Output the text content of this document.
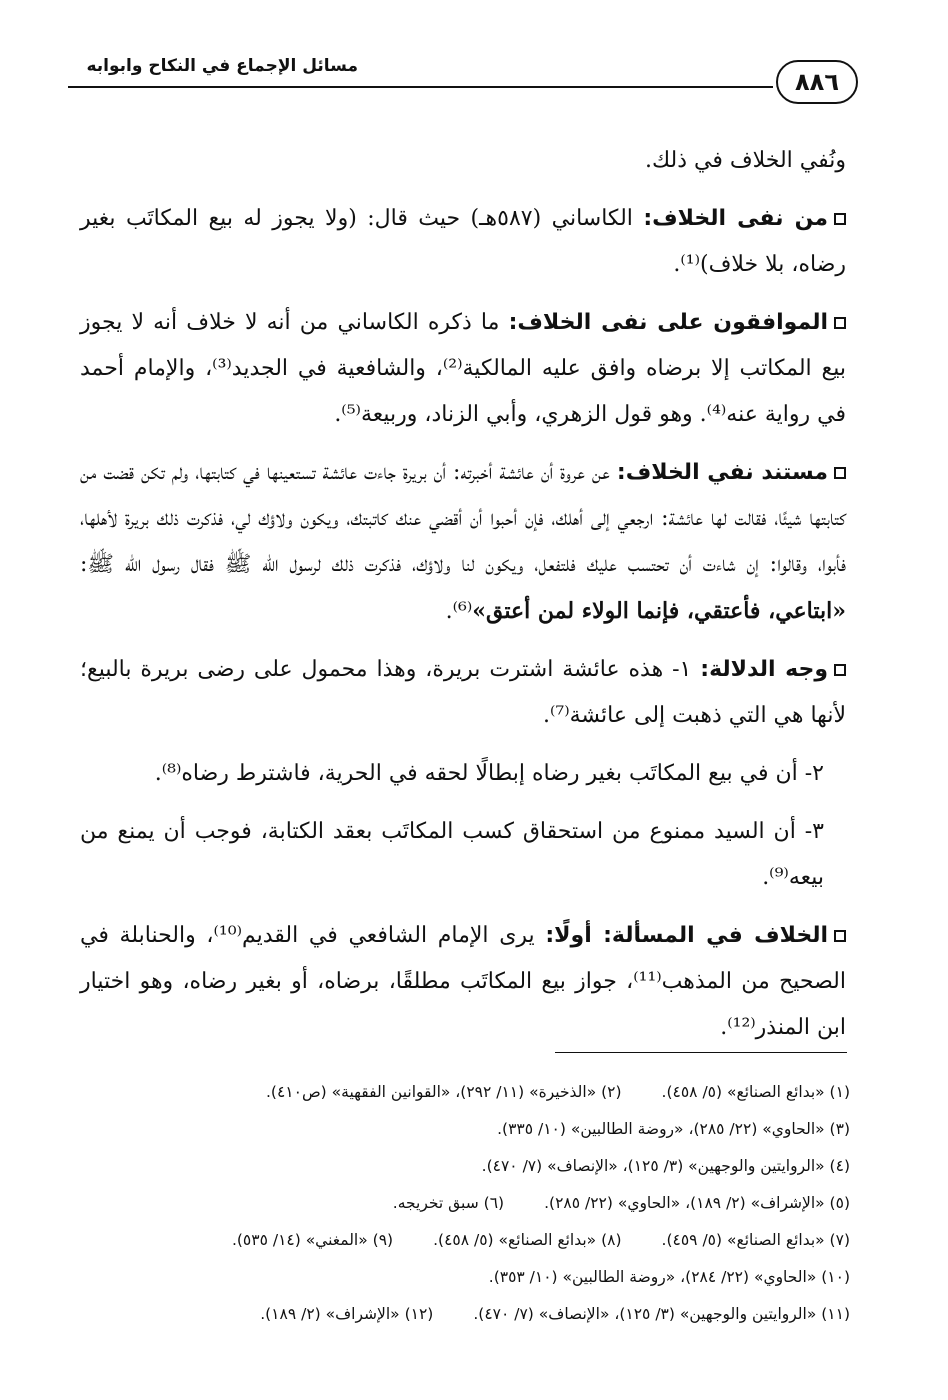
مسائل الإجماع في النكاح وابوابه
٨٨٦

ونُفي الخلاف في ذلك.

من نفى الخلاف: الكاساني (٥٨٧هـ) حيث قال: (ولا يجوز له بيع المكاتَب بغير رضاه، بلا خلاف)⁽¹⁾.

الموافقون على نفى الخلاف: ما ذكره الكاساني من أنه لا خلاف أنه لا يجوز بيع المكاتب إلا برضاه وافق عليه المالكية⁽²⁾، والشافعية في الجديد⁽³⁾، والإمام أحمد في رواية عنه⁽⁴⁾. وهو قول الزهري، وأبي الزناد، وربيعة⁽⁵⁾.

مستند نفي الخلاف: عن عروة أن عائشة أخبرته: أن بريرة جاءت عائشة تستعينها في كتابتها، ولم تكن قضت من كتابتها شيئًا، فقالت لها عائشة: ارجعي إلى أهلك، فإن أحبوا أن أقضي عنك كاتبتك، ويكون ولاؤك لي، فذكرت ذلك بريرة لأهلها، فأبوا، وقالوا: إن شاءت أن تحتسب عليك فلتفعل، ويكون لنا ولاؤك، فذكرت ذلك لرسول الله ﷺ فقال رسول الله ﷺ: «ابتاعي، فأعتقي، فإنما الولاء لمن أعتق»⁽⁶⁾.

وجه الدلالة: ١- هذه عائشة اشترت بريرة، وهذا محمول على رضى بريرة بالبيع؛ لأنها هي التي ذهبت إلى عائشة⁽⁷⁾.

٢- أن في بيع المكاتَب بغير رضاه إبطالًا لحقه في الحرية، فاشترط رضاه⁽⁸⁾.

٣- أن السيد ممنوع من استحقاق كسب المكاتَب بعقد الكتابة، فوجب أن يمنع من بيعه⁽⁹⁾.

الخلاف في المسألة: أولًا: يرى الإمام الشافعي في القديم⁽¹⁰⁾، والحنابلة في الصحيح من المذهب⁽¹¹⁾، جواز بيع المكاتَب مطلقًا، برضاه، أو بغير رضاه، وهو اختيار ابن المنذر⁽¹²⁾.

(١) «بدائع الصنائع» (٥/ ٤٥٨).(٢) «الذخيرة» (١١/ ٢٩٢)، «القوانين الفقهية» (ص٤١٠).
(٣) «الحاوي» (٢٢/ ٢٨٥)، «روضة الطالبين» (١٠/ ٣٣٥).
(٤) «الروايتين والوجهين» (٣/ ١٢٥)، «الإنصاف» (٧/ ٤٧٠).
(٥) «الإشراف» (٢/ ١٨٩)، «الحاوي» (٢٢/ ٢٨٥).(٦) سبق تخريجه.
(٧) «بدائع الصنائع» (٥/ ٤٥٩).(٨) «بدائع الصنائع» (٥/ ٤٥٨).(٩) «المغني» (١٤/ ٥٣٥).
(١٠) «الحاوي» (٢٢/ ٢٨٤)، «روضة الطالبين» (١٠/ ٣٥٣).
(١١) «الروايتين والوجهين» (٣/ ١٢٥)، «الإنصاف» (٧/ ٤٧٠).(١٢) «الإشراف» (٢/ ١٨٩).
